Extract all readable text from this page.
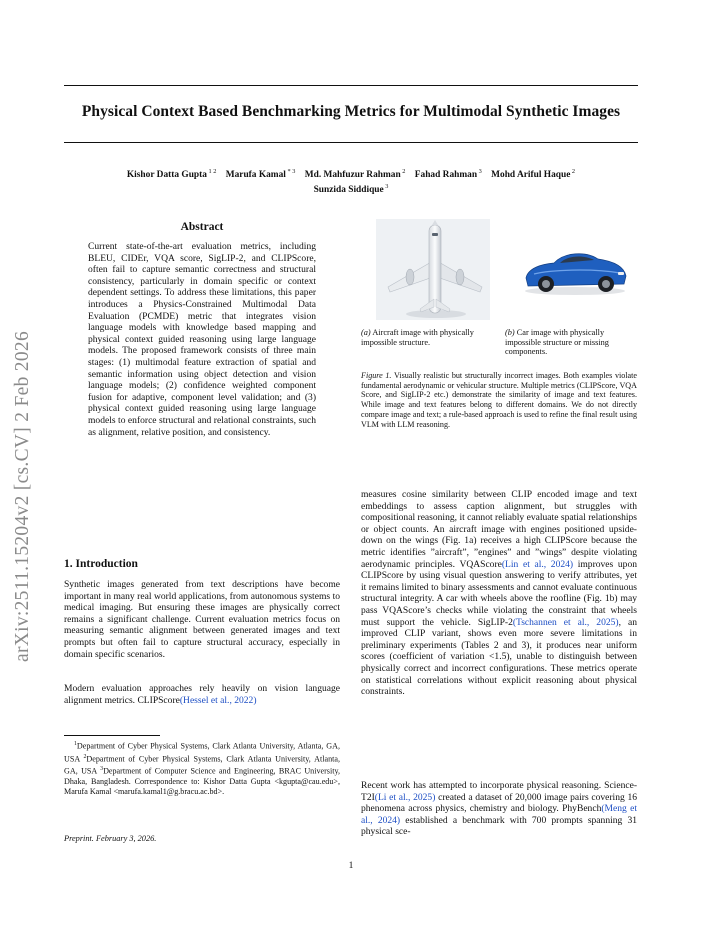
arXiv:2511.15204v2 [cs.CV] 2 Feb 2026
Physical Context Based Benchmarking Metrics for Multimodal Synthetic Images
Kishor Datta Gupta $^{1 2}$  Marufa Kamal $^{* 3}$  Md. Mahfuzur Rahman $^2$  Fahad Rahman $^3$  Mohd Ariful Haque $^2$
Sunzida Siddique $^3$
Abstract
Current state-of-the-art evaluation metrics, including BLEU, CIDEr, VQA score, SigLIP-2, and CLIPScore, often fail to capture semantic correctness and structural consistency, particularly in domain specific or context dependent settings. To address these limitations, this paper introduces a Physics-Constrained Multimodal Data Evaluation (PCMDE) metric that integrates vision language models with knowledge based mapping and physical context guided reasoning using large language models. The proposed framework consists of three main stages: (1) multimodal feature extraction of spatial and semantic information using object detection and vision language models; (2) confidence weighted component fusion for adaptive, component level validation; and (3) physical context guided reasoning using large language models to enforce structural and relational constraints, such as alignment, relative position, and consistency.
1. Introduction
Synthetic images generated from text descriptions have become important in many real world applications, from autonomous systems to medical imaging. But ensuring these images are physically correct remains a significant challenge. Current evaluation metrics focus on measuring semantic alignment between generated images and text prompts but often fail to capture structural accuracy, especially in domain specific scenarios.
Modern evaluation approaches rely heavily on vision language alignment metrics. CLIPScore(Hessel et al., 2022)
$^1$Department of Cyber Physical Systems, Clark Atlanta University, Atlanta, GA, USA $^2$Department of Cyber Physical Systems, Clark Atlanta University, Atlanta, GA, USA $^3$Department of Computer Science and Engineering, BRAC University, Dhaka, Bangladesh. Correspondence to: Kishor Datta Gupta <kgupta@cau.edu>, Marufa Kamal <marufa.kamal1@g.bracu.ac.bd>.
Preprint. February 3, 2026.
(a) Aircraft image with physically impossible structure.
(b) Car image with physically impossible structure or missing components.
Figure 1. Visually realistic but structurally incorrect images. Both examples violate fundamental aerodynamic or vehicular structure. Multiple metrics (CLIPScore, VQA Score, and SigLIP-2 etc.) demonstrate the similarity of image and text features. While image and text features belong to different domains. We do not directly compare image and text; a rule-based approach is used to refine the final result using VLM with LLM reasoning.
measures cosine similarity between CLIP encoded image and text embeddings to assess caption alignment, but struggles with compositional reasoning, it cannot reliably evaluate spatial relationships or object counts. An aircraft image with engines positioned upside-down on the wings (Fig. 1a) receives a high CLIPScore because the metric identifies ”aircraft”, ”engines” and ”wings” despite violating aerodynamic principles. VQAScore(Lin et al., 2024) improves upon CLIPScore by using visual question answering to verify attributes, yet it remains limited to binary assessments and cannot evaluate continuous structural integrity. A car with wheels above the roofline (Fig. 1b) may pass VQAScore’s checks while violating the constraint that wheels must support the vehicle. SigLIP-2(Tschannen et al., 2025), an improved CLIP variant, shows even more severe limitations in preliminary experiments (Tables 2 and 3), it produces near uniform scores (coefficient of variation <1.5), unable to distinguish between physically correct and incorrect configurations. These metrics operate on statistical correlations without explicit reasoning about physical constraints.
Recent work has attempted to incorporate physical reasoning. Science-T2I(Li et al., 2025) created a dataset of 20,000 image pairs covering 16 phenomena across physics, chemistry and biology. PhyBench(Meng et al., 2024) established a benchmark with 700 prompts spanning 31 physical sce-
1
